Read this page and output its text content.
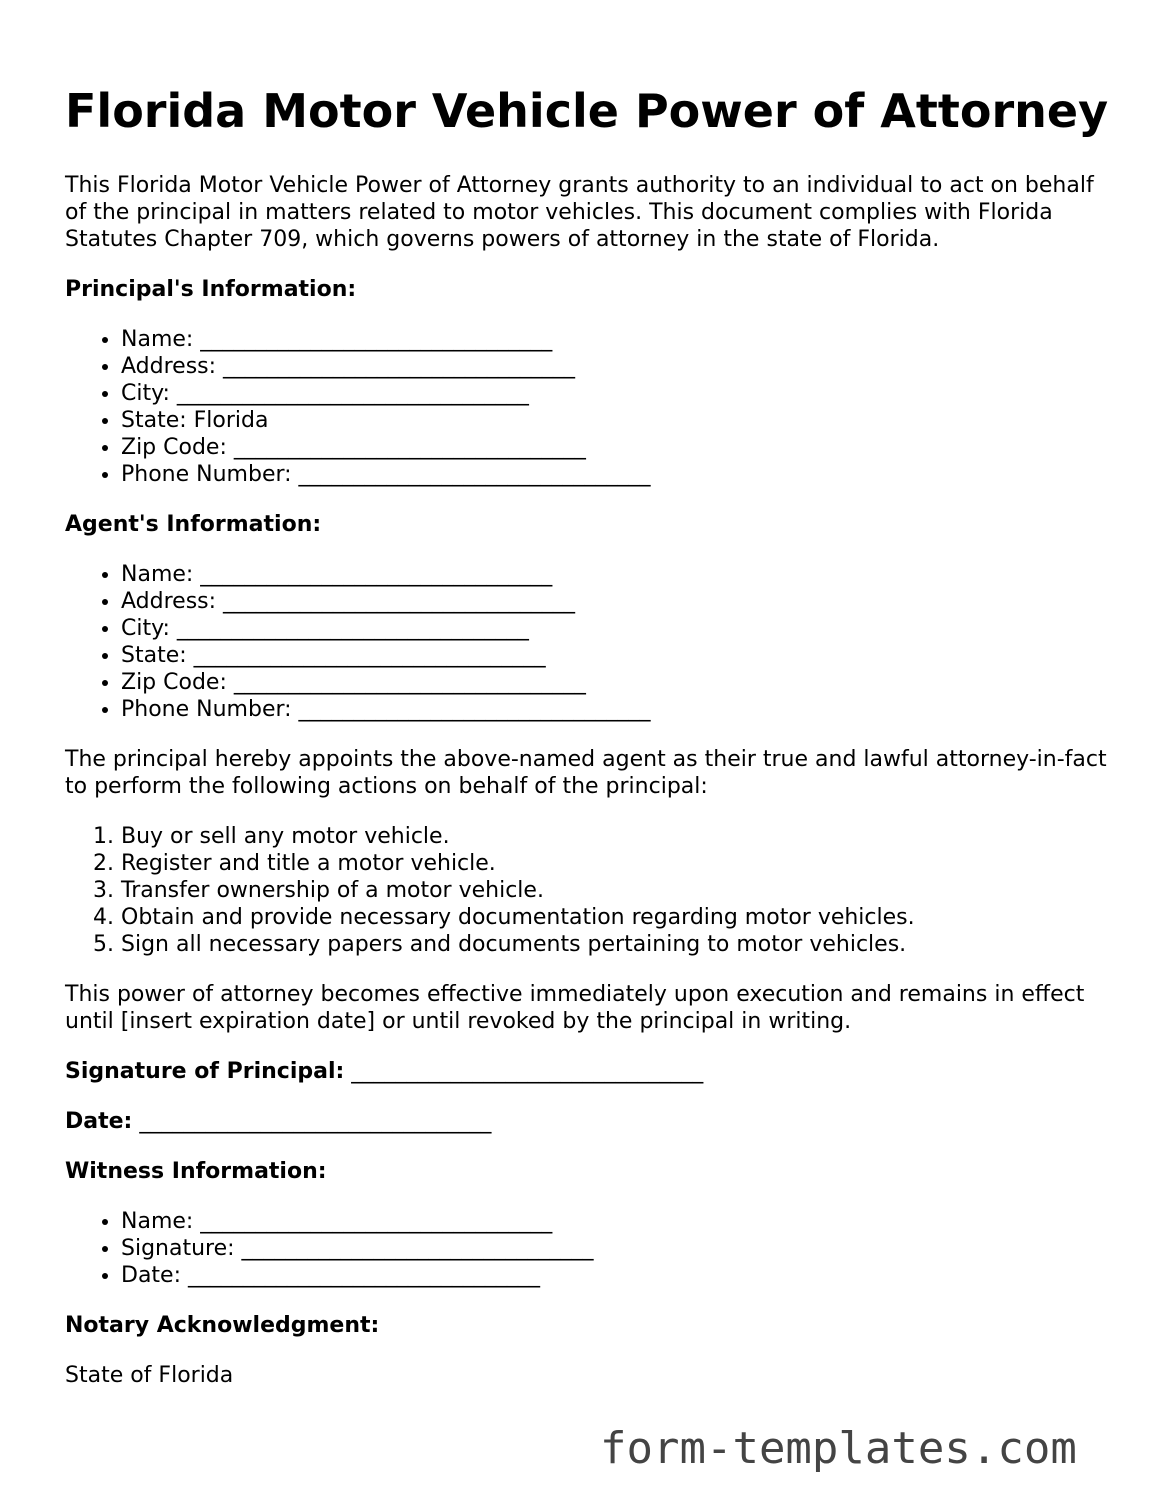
Florida Motor Vehicle Power of Attorney

This Florida Motor Vehicle Power of Attorney grants authority to an individual to act on behalf of the principal in matters related to motor vehicles. This document complies with Florida Statutes Chapter 709, which governs powers of attorney in the state of Florida.

Principal's Information:
• Name: ________________________________
• Address: ________________________________
• City: ________________________________
• State: Florida
• Zip Code: ________________________________
• Phone Number: ________________________________
Agent's Information:
• Name: ________________________________
• Address: ________________________________
• City: ________________________________
• State: ________________________________
• Zip Code: ________________________________
• Phone Number: ________________________________

The principal hereby appoints the above-named agent as their true and lawful attorney-in-fact to perform the following actions on behalf of the principal:

1. Buy or sell any motor vehicle.
2. Register and title a motor vehicle.
3. Transfer ownership of a motor vehicle.
4. Obtain and provide necessary documentation regarding motor vehicles.
5. Sign all necessary papers and documents pertaining to motor vehicles.

This power of attorney becomes effective immediately upon execution and remains in effect until [insert expiration date] or until revoked by the principal in writing.

Signature of Principal: ________________________________
Date: ________________________________
Witness Information:
• Name: ________________________________
• Signature: ________________________________
• Date: ________________________________
Notary Acknowledgment:

State of Florida

form-templates.com
